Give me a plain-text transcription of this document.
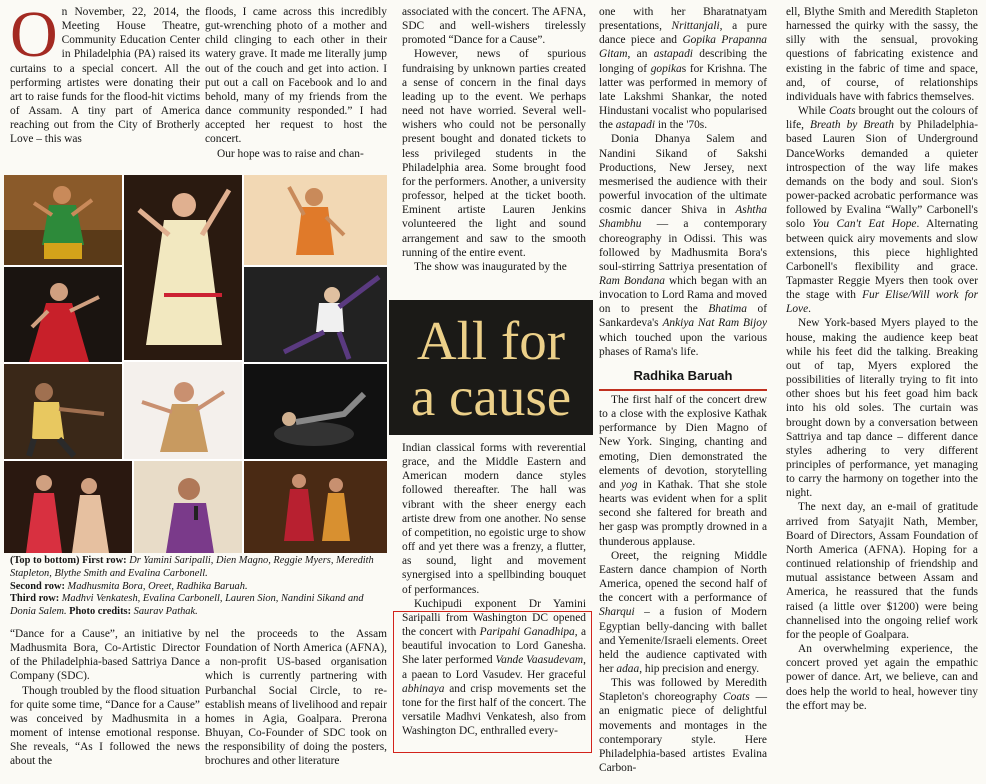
On November, 22, 2014, the Meeting House Theatre, Community Education Center in Philadelphia (PA) raised its curtains to a special concert. All the performing artistes were donating their art to raise funds for the flood-hit victims of Assam. A tiny part of America reaching out from the City of Brotherly Love – this was

“Dance for a Cause”, an initiative by Madhusmita Bora, Co-Artistic Director of the Philadelphia-based Sattriya Dance Company (SDC).

Though troubled by the flood situation for quite some time, “Dance for a Cause” was conceived by Madhusmita in a moment of intense emotional response. She reveals, “As I followed the news about the

floods, I came across this incredibly gut-wrenching photo of a mother and child clinging to each other in their watery grave. It made me literally jump out of the couch and get into action. I put out a call on Facebook and lo and behold, many of my friends from the dance community responded.” I had accepted her request to host the concert.

Our hope was to raise and chan-

nel the proceeds to the Assam Foundation of North America (AFNA), a non-profit US-based organisation which is currently partnering with Purbanchal Social Circle, to re-establish means of livelihood and repair homes in Agia, Goalpara. Prerona Bhuyan, Co-Founder of SDC took on the responsibility of doing the posters, brochures and other literature

(Top to bottom) First row: Dr Yamini Saripalli, Dien Magno, Reggie Myers, Meredith Stapleton, Blythe Smith and Evalina Carbonell.
Second row: Madhusmita Bora, Oreet, Radhika Baruah.
Third row: Madhvi Venkatesh, Evalina Carbonell, Lauren Sion, Nandini Sikand and Donia Salem. Photo credits: Saurav Pathak.

associated with the concert. The AFNA, SDC and well-wishers tirelessly promoted “Dance for a Cause”.

However, news of spurious fundraising by unknown parties created a sense of concern in the final days leading up to the event. We perhaps need not have worried. Several well-wishers who could not be personally present bought and donated tickets to less privileged students in the Philadelphia area. Some brought food for the performers. Another, a university professor, helped at the ticket booth. Eminent artiste Lauren Jenkins volunteered the light and sound arrangement and saw to the smooth running of the entire event.

The show was inaugurated by the

All for
a cause

Indian classical forms with reverential grace, and the Middle Eastern and American modern dance styles followed thereafter. The hall was vibrant with the sheer energy each artiste drew from one another. No sense of competition, no egoistic urge to show off and yet there was a frenzy, a flutter, as sound, light and movement synergised into a spellbinding bouquet of performances.

Kuchipudi exponent Dr Yamini Saripalli from Washington DC opened the concert with Paripahi Ganadhipa, a beautiful invocation to Lord Ganesha. She later performed Vande Vaasudevam, a paean to Lord Vasudev. Her graceful abhinaya and crisp movements set the tone for the first half of the concert. The versatile Madhvi Venkatesh, also from Washington DC, enthralled every-

one with her Bharatnatyam presentations, Nrittanjali, a pure dance piece and Gopika Prapanna Gitam, an astapadi describing the longing of gopikas for Krishna. The latter was performed in memory of late Lakshmi Shankar, the noted Hindustani vocalist who popularised the astapadi in the '70s.

Donia Dhanya Salem and Nandini Sikand of Sakshi Productions, New Jersey, next mesmerised the audience with their powerful invocation of the ultimate cosmic dancer Shiva in Ashtha Shambhu — a contemporary choreography in Odissi. This was followed by Madhusmita Bora's soul-stirring Sattriya presentation of Ram Bondana which began with an invocation to Lord Rama and moved on to present the Bhatima of Sankardeva's Ankiya Nat Ram Bijoy which touched upon the various phases of Rama's life.

Radhika Baruah

The first half of the concert drew to a close with the explosive Kathak performance by Dien Magno of New York. Singing, chanting and emoting, Dien demonstrated the elements of devotion, storytelling and yog in Kathak. That she stole hearts was evident when for a split second she faltered for breath and her gasp was promptly drowned in a thunderous applause.

Oreet, the reigning Middle Eastern dance champion of North America, opened the second half of the concert with a performance of Sharqui – a fusion of Modern Egyptian belly-dancing with ballet and Yemenite/Israeli elements. Oreet held the audience captivated with her adaa, hip precision and energy.

This was followed by Meredith Stapleton's choreography Coats — an enigmatic piece of delightful movements and montages in the contemporary style. Here Philadelphia-based artistes Evalina Carbon-

ell, Blythe Smith and Meredith Stapleton harnessed the quirky with the sassy, the silly with the sensual, provoking questions of fabricating existence and existing in the fabric of time and space, and, of course, of relationships individuals have with fabrics themselves.

While Coats brought out the colours of life, Breath by Breath by Philadelphia-based Lauren Sion of Underground DanceWorks demanded a quieter introspection of the way life makes demands on the body and soul. Sion's power-packed acrobatic performance was followed by Evalina “Wally” Carbonell's solo You Can't Eat Hope. Alternating between quick airy movements and slow extensions, this piece highlighted Carbonell's flexibility and grace. Tapmaster Reggie Myers then took over the stage with Fur Elise/Will work for Love.

New York-based Myers played to the house, making the audience keep beat while his feet did the talking. Breaking out of tap, Myers explored the possibilities of literally trying to fit into other shoes but his feet goad him back into his old soles. The curtain was brought down by a conversation between Sattriya and tap dance – different dance styles adhering to very different principles of performance, yet managing to carry the harmony on together into the night.

The next day, an e-mail of gratitude arrived from Satyajit Nath, Member, Board of Directors, Assam Foundation of North America (AFNA). Hoping for a continued relationship of friendship and mutual assistance between Assam and America, he reassured that the funds raised (a little over $1200) were being channelised into the ongoing relief work for the people of Goalpara.

An overwhelming experience, the concert proved yet again the empathic power of dance. Art, we believe, can and does help the world to heal, however tiny the effort may be.
